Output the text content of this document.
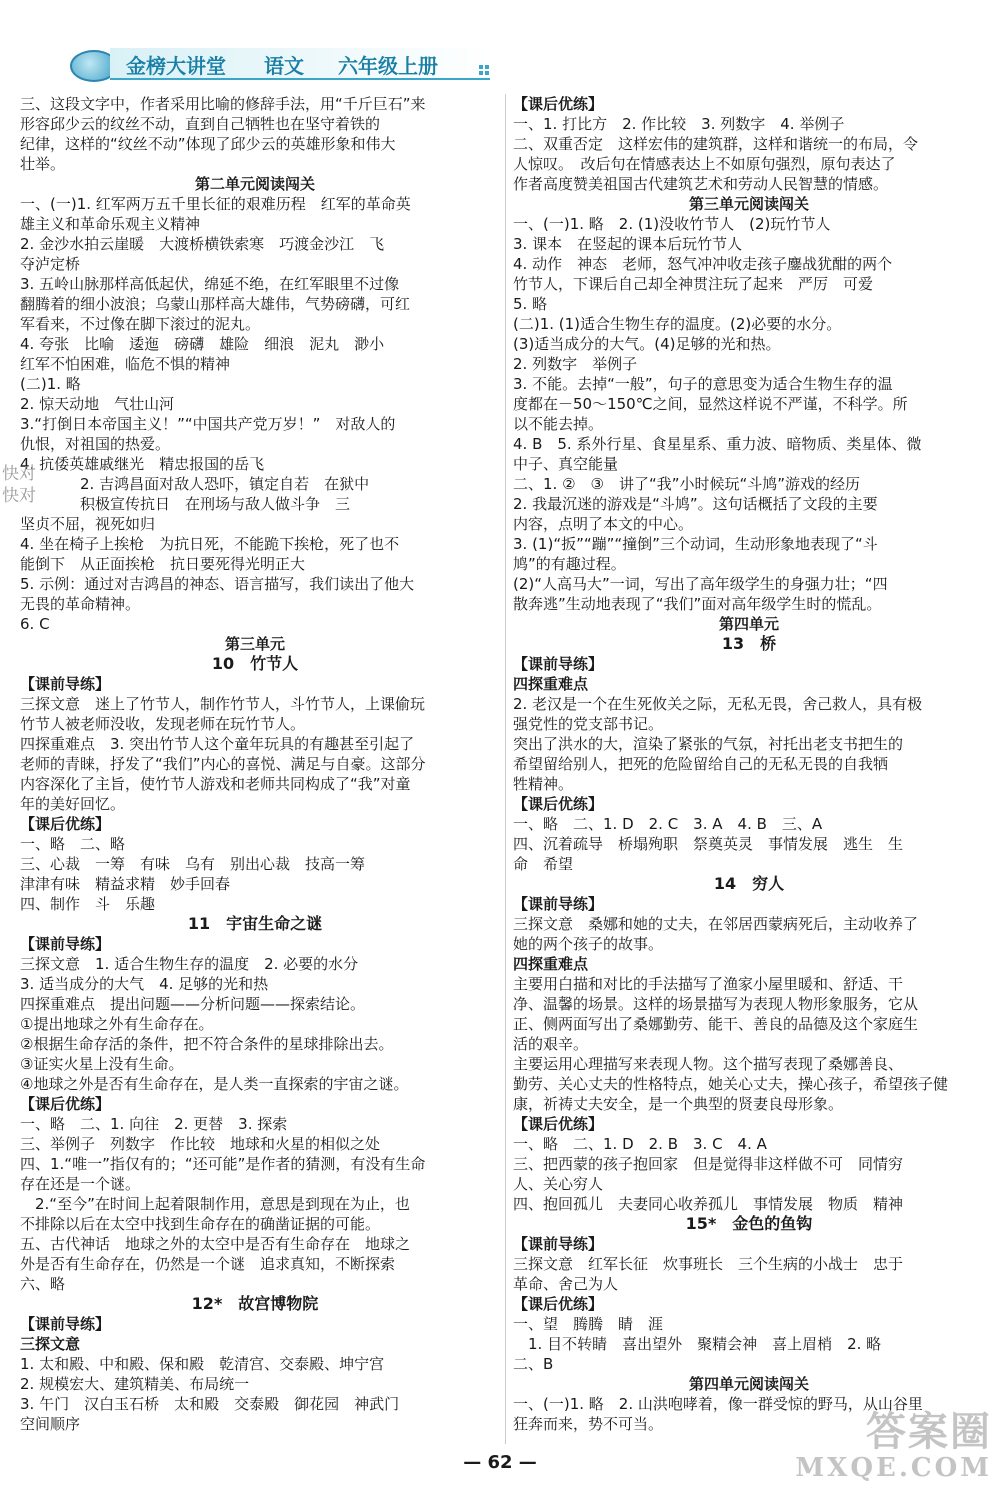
金榜大讲堂 语文 六年级上册
三、这段文字中，作者采用比喻的修辞手法，用“千斤巨石”来
形容邱少云的纹丝不动，直到自己牺牲也在坚守着铁的
纪律，这样的“纹丝不动”体现了邱少云的英雄形象和伟大
壮举。
第二单元阅读闯关
一、(一)1. 红军两万五千里长征的艰难历程　红军的革命英
雄主义和革命乐观主义精神
2. 金沙水拍云崖暖　大渡桥横铁索寒　巧渡金沙江　飞
夺泸定桥
3. 五岭山脉那样高低起伏，绵延不绝，在红军眼里不过像
翻腾着的细小波浪；乌蒙山那样高大雄伟，气势磅礴，可红
军看来，不过像在脚下滚过的泥丸。
4. 夸张　比喻　逶迤　磅礴　雄险　细浪　泥丸　渺小
红军不怕困难，临危不惧的精神
(二)1. 略
2. 惊天动地　气壮山河
3.“打倒日本帝国主义！”“中国共产党万岁！”　对敌人的
仇恨，对祖国的热爱。
4. 抗倭英雄戚继光　精忠报国的岳飞
　　　　2. 吉鸿昌面对敌人恐吓，镇定自若　在狱中
　　　　积极宣传抗日　在刑场与敌人做斗争　三
坚贞不屈，视死如归
4. 坐在椅子上挨枪　为抗日死，不能跪下挨枪，死了也不
能倒下　从正面挨枪　抗日要死得光明正大
5. 示例：通过对吉鸿昌的神态、语言描写，我们读出了他大
无畏的革命精神。
6. C
第三单元
10　竹节人
【课前导练】
三探文意　迷上了竹节人，制作竹节人，斗竹节人，上课偷玩
竹节人被老师没收，发现老师在玩竹节人。
四探重难点　3. 突出竹节人这个童年玩具的有趣甚至引起了
老师的青睐，抒发了“我们”内心的喜悦、满足与自豪。这部分
内容深化了主旨，使竹节人游戏和老师共同构成了“我”对童
年的美好回忆。
【课后优练】
一、略　二、略
三、心裁　一筹　有味　乌有　别出心裁　技高一筹
津津有味　精益求精　妙手回春
四、制作　斗　乐趣
11　宇宙生命之谜
【课前导练】
三探文意　1. 适合生物生存的温度　2. 必要的水分
3. 适当成分的大气　4. 足够的光和热
四探重难点　提出问题——分析问题——探索结论。
①提出地球之外有生命存在。
②根据生命存活的条件，把不符合条件的星球排除出去。
③证实火星上没有生命。
④地球之外是否有生命存在，是人类一直探索的宇宙之谜。
【课后优练】
一、略　二、1. 向往　2. 更替　3. 探索
三、举例子　列数字　作比较　地球和火星的相似之处
四、1.“唯一”指仅有的；“还可能”是作者的猜测，有没有生命
存在还是一个谜。
　2.“至今”在时间上起着限制作用，意思是到现在为止，也
不排除以后在太空中找到生命存在的确凿证据的可能。
五、古代神话　地球之外的太空中是否有生命存在　地球之
外是否有生命存在，仍然是一个谜　追求真知，不断探索
六、略
12*　故宫博物院
【课前导练】
三探文意
1. 太和殿、中和殿、保和殿　乾清宫、交泰殿、坤宁宫
2. 规模宏大、建筑精美、布局统一
3. 午门　汉白玉石桥　太和殿　交泰殿　御花园　神武门
空间顺序
【课后优练】
一、1. 打比方　2. 作比较　3. 列数字　4. 举例子
二、双重否定　这样宏伟的建筑群，这样和谐统一的布局，令
人惊叹。　改后句在情感表达上不如原句强烈，原句表达了
作者高度赞美祖国古代建筑艺术和劳动人民智慧的情感。
第三单元阅读闯关
一、(一)1. 略　2. (1)没收竹节人　(2)玩竹节人
3. 课本　在竖起的课本后玩竹节人
4. 动作　神态　老师，怒气冲冲收走孩子鏖战犹酣的两个
竹节人，下课后自己却全神贯注玩了起来　严厉　可爱
5. 略
(二)1. (1)适合生物生存的温度。(2)必要的水分。
(3)适当成分的大气。(4)足够的光和热。
2. 列数字　举例子
3. 不能。去掉“一般”，句子的意思变为适合生物生存的温
度都在－50～150℃之间，显然这样说不严谨，不科学。所
以不能去掉。
4. B　5. 系外行星、食星星系、重力波、暗物质、类星体、微
中子、真空能量
二、1. ②　③　讲了“我”小时候玩“斗鸠”游戏的经历
2. 我最沉迷的游戏是“斗鸠”。这句话概括了文段的主要
内容，点明了本文的中心。
3. (1)“扳”“蹦”“撞倒”三个动词，生动形象地表现了“斗
鸠”的有趣过程。
(2)“人高马大”一词，写出了高年级学生的身强力壮；“四
散奔逃”生动地表现了“我们”面对高年级学生时的慌乱。
第四单元
13　桥
【课前导练】
四探重难点
2. 老汉是一个在生死攸关之际，无私无畏，舍己救人，具有极
强党性的党支部书记。
突出了洪水的大，渲染了紧张的气氛，衬托出老支书把生的
希望留给别人，把死的危险留给自己的无私无畏的自我牺
牲精神。
【课后优练】
一、略　二、1. D　2. C　3. A　4. B　三、A
四、沉着疏导　桥塌殉职　祭奠英灵　事情发展　逃生　生
命　希望
14　穷人
【课前导练】
三探文意　桑娜和她的丈夫，在邻居西蒙病死后，主动收养了
她的两个孩子的故事。
四探重难点
主要用白描和对比的手法描写了渔家小屋里暖和、舒适、干
净、温馨的场景。这样的场景描写为表现人物形象服务，它从
正、侧两面写出了桑娜勤劳、能干、善良的品德及这个家庭生
活的艰辛。
主要运用心理描写来表现人物。这个描写表现了桑娜善良、
勤劳、关心丈夫的性格特点，她关心丈夫，操心孩子，希望孩子健
康，祈祷丈夫安全，是一个典型的贤妻良母形象。
【课后优练】
一、略　二、1. D　2. B　3. C　4. A
三、把西蒙的孩子抱回家　但是觉得非这样做不可　同情穷
人、关心穷人
四、抱回孤儿　夫妻同心收养孤儿　事情发展　物质　精神
15*　金色的鱼钩
【课前导练】
三探文意　红军长征　炊事班长　三个生病的小战士　忠于
革命、舍己为人
【课后优练】
一、望　腾腾　睛　涯
　1. 目不转睛　喜出望外　聚精会神　喜上眉梢　2. 略
二、B
第四单元阅读闯关
一、(一)1. 略　2. 山洪咆哮着，像一群受惊的野马，从山谷里
狂奔而来，势不可当。
快对
快对
— 62 —
答案圈
MXQE.COM
